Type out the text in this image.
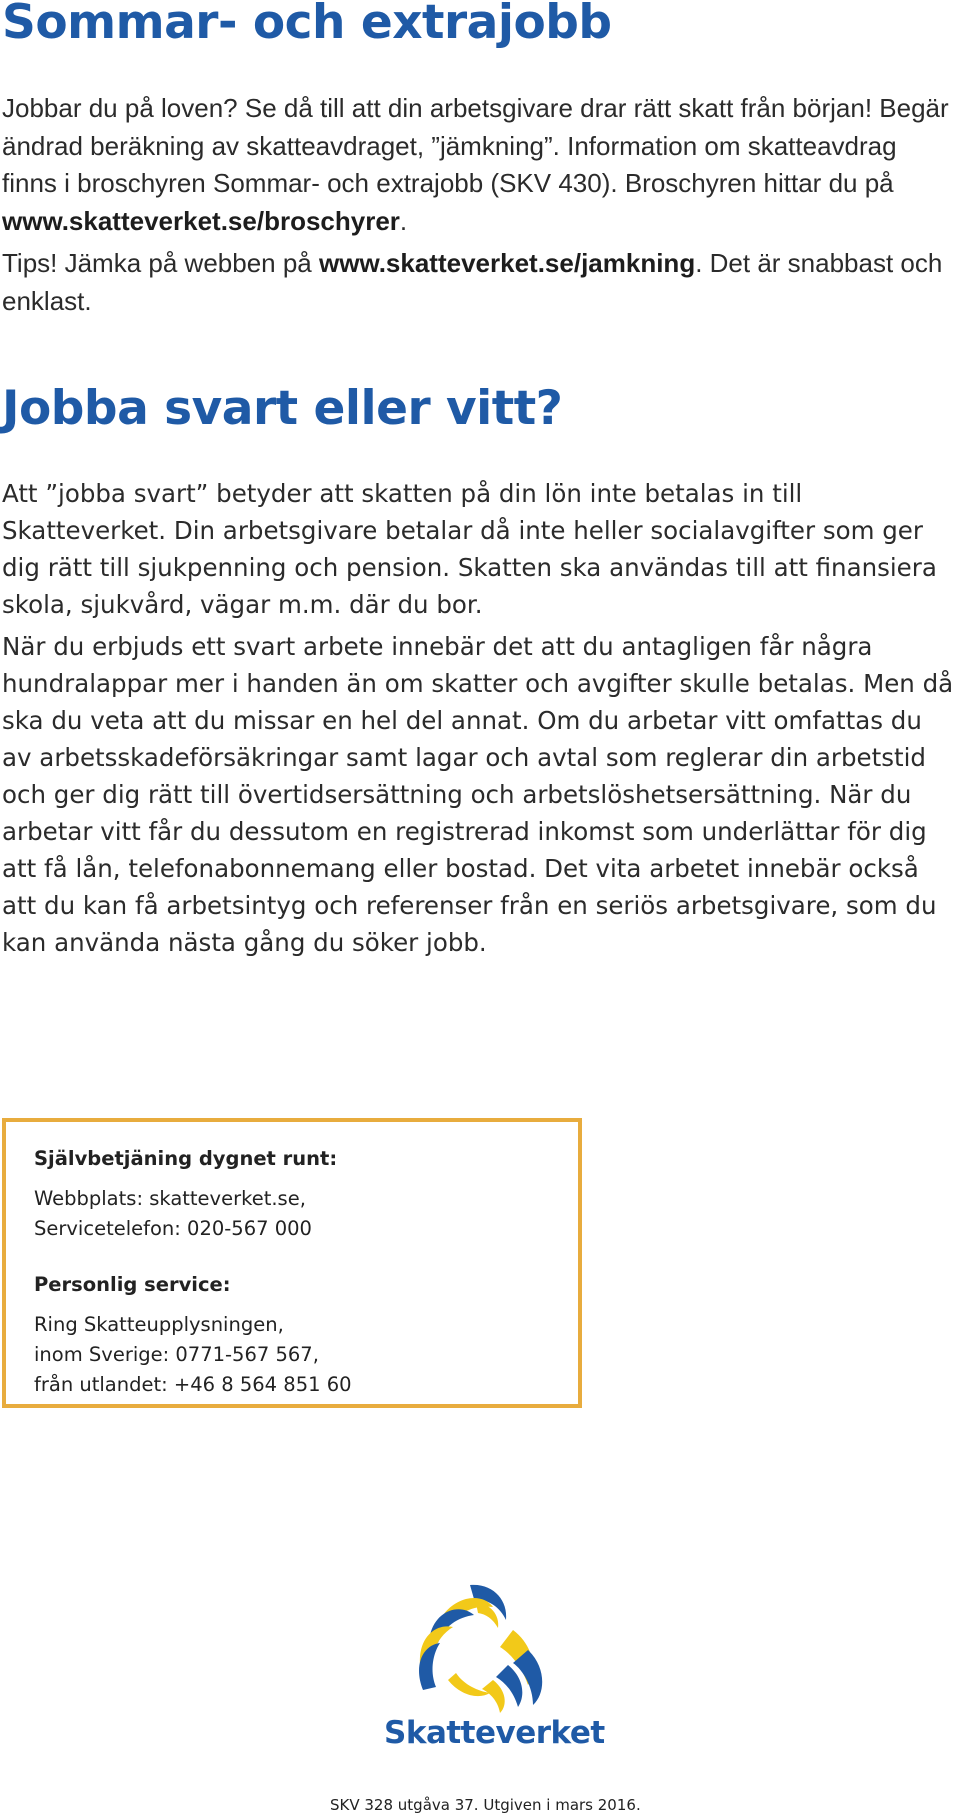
Sommar- och extrajobb

Jobbar du på loven? Se då till att din arbetsgivare drar rätt skatt från början! Begär ändrad beräkning av skatteavdraget, ”jämkning”. Information om skatteavdrag finns i broschyren Sommar- och extrajobb (SKV 430). Broschyren hittar du på www.skatteverket.se/broschyrer.

Tips! Jämka på webben på www.skatteverket.se/jamkning. Det är snabbast och enklast.

Jobba svart eller vitt?

Att ”jobba svart” betyder att skatten på din lön inte betalas in till Skatteverket. Din arbetsgivare betalar då inte heller socialavgifter som ger dig rätt till sjukpenning och pension. Skatten ska användas till att finansiera skola, sjukvård, vägar m.m. där du bor.

När du erbjuds ett svart arbete innebär det att du antagligen får några hundralappar mer i handen än om skatter och avgifter skulle betalas. Men då ska du veta att du missar en hel del annat. Om du arbetar vitt omfattas du av arbetsskadeförsäkringar samt lagar och avtal som reglerar din arbetstid och ger dig rätt till övertidsersättning och arbetslöshetsersättning. När du arbetar vitt får du dessutom en registrerad inkomst som underlättar för dig att få lån, telefonabonnemang eller bostad. Det vita arbetet innebär också att du kan få arbetsintyg och referenser från en seriös arbetsgivare, som du kan använda nästa gång du söker jobb.

Självbetjäning dygnet runt:
Webbplats: skatteverket.se,
Servicetelefon: 020-567 000
Personlig service:
Ring Skatteupplysningen,
inom Sverige: 0771-567 567,
från utlandet: +46 8 564 851 60
Skatteverket
SKV 328 utgåva 37. Utgiven i mars 2016.
